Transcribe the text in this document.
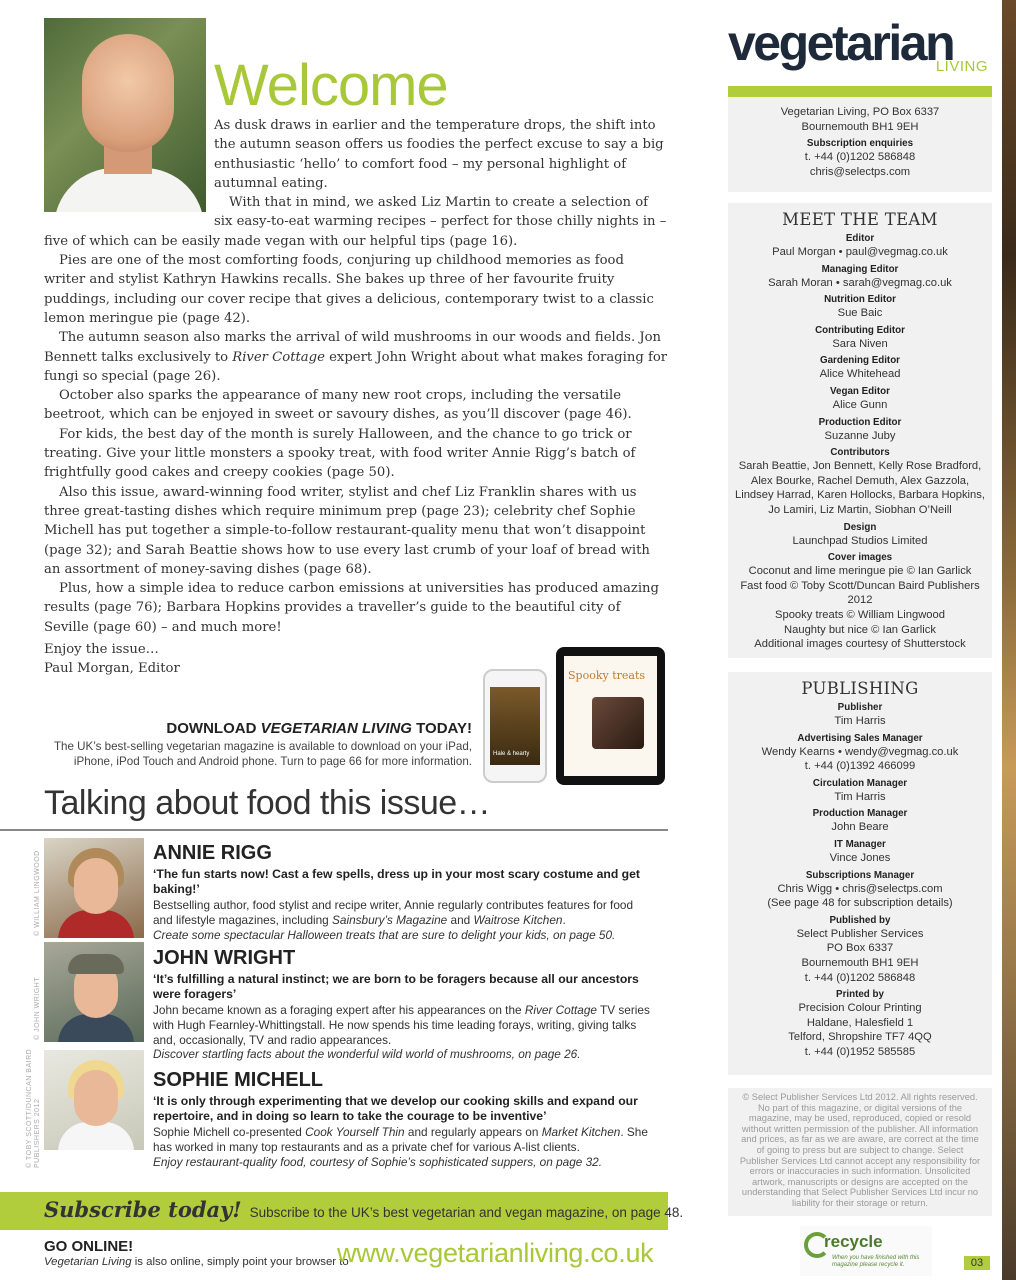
Welcome

As dusk draws in earlier and the temperature drops, the shift into the autumn season offers us foodies the perfect excuse to say a big enthusiastic ‘hello’ to comfort food – my personal highlight of autumnal eating.

With that in mind, we asked Liz Martin to create a selection of six easy-to-eat warming recipes – perfect for those chilly nights in – five of which can be easily made vegan with our helpful tips (page 16).

Pies are one of the most comforting foods, conjuring up childhood memories as food writer and stylist Kathryn Hawkins recalls. She bakes up three of her favourite fruity puddings, including our cover recipe that gives a delicious, contemporary twist to a classic lemon meringue pie (page 42).

The autumn season also marks the arrival of wild mushrooms in our woods and fields. Jon Bennett talks exclusively to River Cottage expert John Wright about what makes foraging for fungi so special (page 26).

October also sparks the appearance of many new root crops, including the versatile beetroot, which can be enjoyed in sweet or savoury dishes, as you’ll discover (page 46).

For kids, the best day of the month is surely Halloween, and the chance to go trick or treating. Give your little monsters a spooky treat, with food writer Annie Rigg’s batch of frightfully good cakes and creepy cookies (page 50).

Also this issue, award-winning food writer, stylist and chef Liz Franklin shares with us three great-tasting dishes which require minimum prep (page 23); celebrity chef Sophie Michell has put together a simple-to-follow restaurant-quality menu that won’t disappoint (page 32); and Sarah Beattie shows how to use every last crumb of your loaf of bread with an assortment of money-saving dishes (page 68).

Plus, how a simple idea to reduce carbon emissions at universities has produced amazing results (page 76); Barbara Hopkins provides a traveller’s guide to the beautiful city of Seville (page 60) – and much more!

Enjoy the issue…
Paul Morgan, Editor
DOWNLOAD VEGETARIAN LIVING TODAY!
The UK’s best-selling vegetarian magazine is available to download on your iPad, iPhone, iPod Touch and Android phone. Turn to page 66 for more information.
Hale & hearty
Spooky treats
Talking about food this issue…
© WILLIAM LINGWOOD
© JOHN WRIGHT
© TOBY SCOTT/DUNCAN BAIRD PUBLISHERS 2012
ANNIE RIGG
‘The fun starts now! Cast a few spells, dress up in your most scary costume and get baking!’
Bestselling author, food stylist and recipe writer, Annie regularly contributes features for food and lifestyle magazines, including Sainsbury’s Magazine and Waitrose Kitchen.
Create some spectacular Halloween treats that are sure to delight your kids, on page 50.
JOHN WRIGHT
‘It’s fulfilling a natural instinct; we are born to be foragers because all our ancestors were foragers’
John became known as a foraging expert after his appearances on the River Cottage TV series with Hugh Fearnley-Whittingstall. He now spends his time leading forays, writing, giving talks and, occasionally, TV and radio appearances.
Discover startling facts about the wonderful wild world of mushrooms, on page 26.
SOPHIE MICHELL
‘It is only through experimenting that we develop our cooking skills and expand our repertoire, and in doing so learn to take the courage to be inventive’
Sophie Michell co-presented Cook Yourself Thin and regularly appears on Market Kitchen. She has worked in many top restaurants and as a private chef for various A-list clients.
Enjoy restaurant-quality food, courtesy of Sophie’s sophisticated suppers, on page 32.
Subscribe today! Subscribe to the UK’s best vegetarian and vegan magazine, on page 48.
GO ONLINE!
Vegetarian Living is also online, simply point your browser to
www.vegetarianliving.co.uk
vegetarian
LIVING
Vegetarian Living, PO Box 6337
Bournemouth BH1 9EH
Subscription enquiries
t. +44 (0)1202 586848
chris@selectps.com
MEET THE TEAM
Editor
Paul Morgan • paul@vegmag.co.uk
Managing Editor
Sarah Moran • sarah@vegmag.co.uk
Nutrition Editor
Sue Baic
Contributing Editor
Sara Niven
Gardening Editor
Alice Whitehead
Vegan Editor
Alice Gunn
Production Editor
Suzanne Juby
Contributors
Sarah Beattie, Jon Bennett, Kelly Rose Bradford,
Alex Bourke, Rachel Demuth, Alex Gazzola,
Lindsey Harrad, Karen Hollocks, Barbara Hopkins,
Jo Lamiri, Liz Martin, Siobhan O’Neill
Design
Launchpad Studios Limited
Cover images
Coconut and lime meringue pie © Ian Garlick
Fast food © Toby Scott/Duncan Baird Publishers 2012
Spooky treats © William Lingwood
Naughty but nice © Ian Garlick
Additional images courtesy of Shutterstock
PUBLISHING
Publisher
Tim Harris
Advertising Sales Manager
Wendy Kearns • wendy@vegmag.co.uk
t. +44 (0)1392 466099
Circulation Manager
Tim Harris
Production Manager
John Beare
IT Manager
Vince Jones
Subscriptions Manager
Chris Wigg • chris@selectps.com
(See page 48 for subscription details)
Published by
Select Publisher Services
PO Box 6337
Bournemouth BH1 9EH
t. +44 (0)1202 586848
Printed by
Precision Colour Printing
Haldane, Halesfield 1
Telford, Shropshire TF7 4QQ
t. +44 (0)1952 585585
© Select Publisher Services Ltd 2012. All rights reserved. No part of this magazine, or digital versions of the magazine, may be used, reproduced, copied or resold without written permission of the publisher. All information and prices, as far as we are aware, are correct at the time of going to press but are subject to change. Select Publisher Services Ltd cannot accept any responsibility for errors or inaccuracies in such information. Unsolicited artwork, manuscripts or designs are accepted on the understanding that Select Publisher Services Ltd incur no liability for their storage or return.
recycle
When you have finished with this magazine please recycle it.	03
